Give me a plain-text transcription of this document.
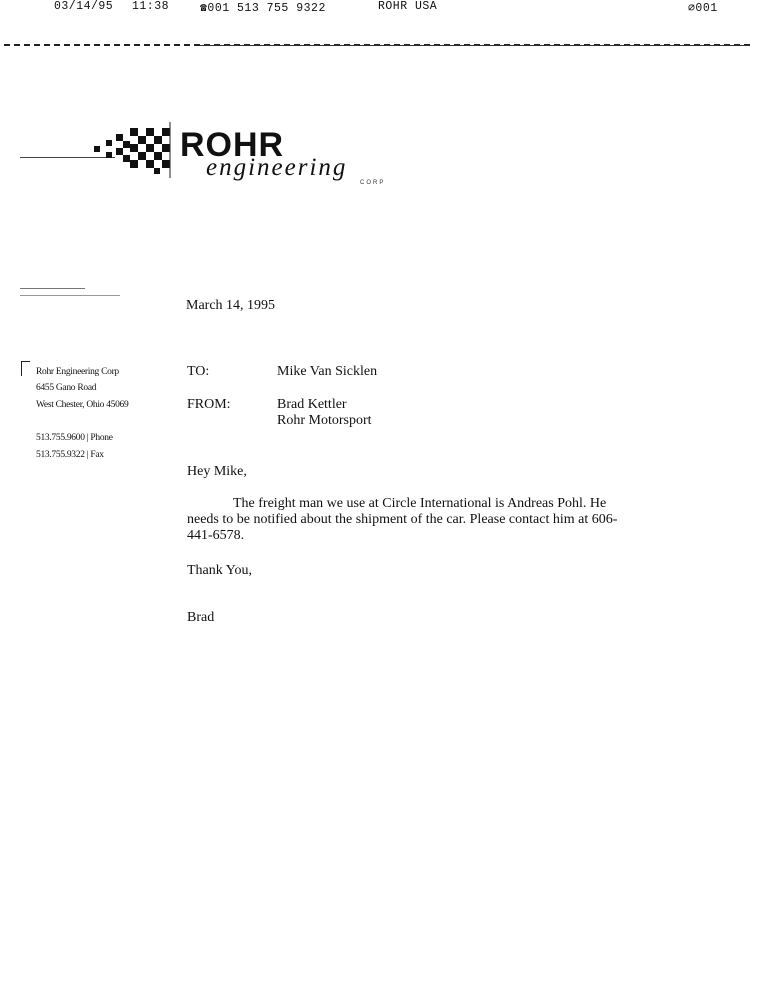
03/14/95 11:38	☎001 513 755 9322	ROHR USA	∅001
ROHR
engineering
CORP
March 14, 1995
Rohr Engineering Corp
6455 Gano Road
West Chester, Ohio 45069
513.755.9600 | Phone
513.755.9322 | Fax
TO:	Mike Van Sicklen
FROM:	Brad Kettler
Rohr Motorsport
Hey Mike,
The freight man we use at Circle International is Andreas Pohl. He
needs to be notified about the shipment of the car. Please contact him at 606-
441-6578.
Thank You,
Brad
